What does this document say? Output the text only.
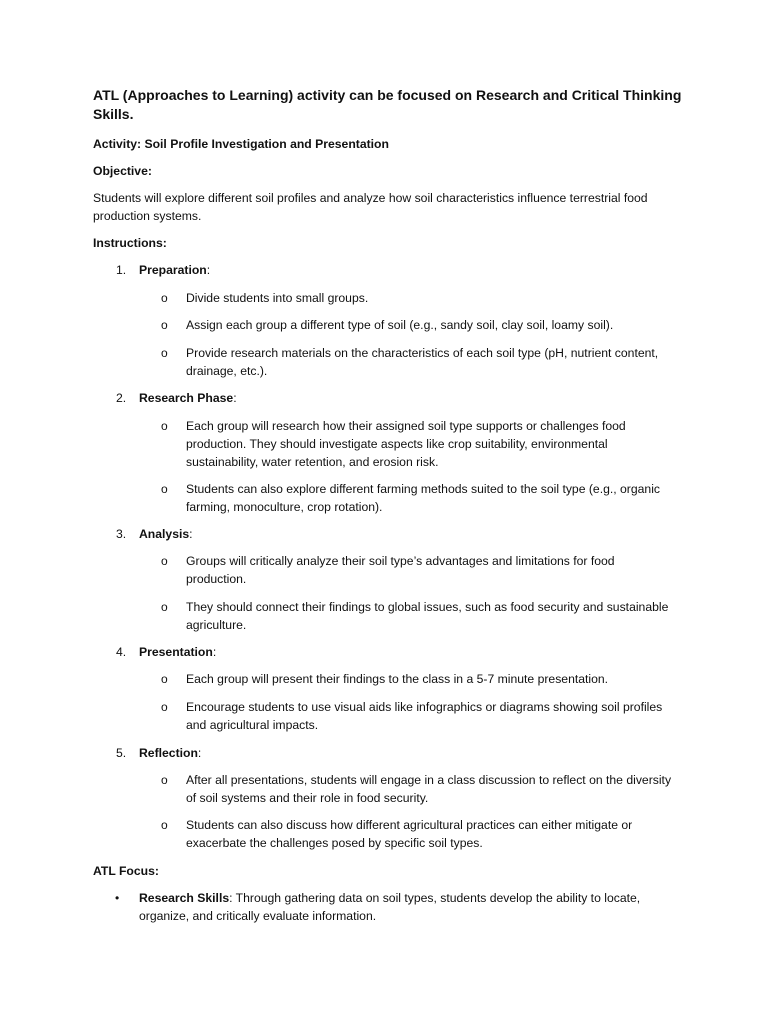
ATL (Approaches to Learning) activity can be focused on Research and Critical Thinking Skills.

Activity: Soil Profile Investigation and Presentation

Objective:

Students will explore different soil profiles and analyze how soil characteristics influence terrestrial food production systems.

Instructions:

1. Preparation:

o Divide students into small groups.

o Assign each group a different type of soil (e.g., sandy soil, clay soil, loamy soil).

o Provide research materials on the characteristics of each soil type (pH, nutrient content, drainage, etc.).

2. Research Phase:

o Each group will research how their assigned soil type supports or challenges food production. They should investigate aspects like crop suitability, environmental sustainability, water retention, and erosion risk.

o Students can also explore different farming methods suited to the soil type (e.g., organic farming, monoculture, crop rotation).

3. Analysis:

o Groups will critically analyze their soil type’s advantages and limitations for food production.

o They should connect their findings to global issues, such as food security and sustainable agriculture.

4. Presentation:

o Each group will present their findings to the class in a 5-7 minute presentation.

o Encourage students to use visual aids like infographics or diagrams showing soil profiles and agricultural impacts.

5. Reflection:

o After all presentations, students will engage in a class discussion to reflect on the diversity of soil systems and their role in food security.

o Students can also discuss how different agricultural practices can either mitigate or exacerbate the challenges posed by specific soil types.

ATL Focus:

• Research Skills: Through gathering data on soil types, students develop the ability to locate, organize, and critically evaluate information.
